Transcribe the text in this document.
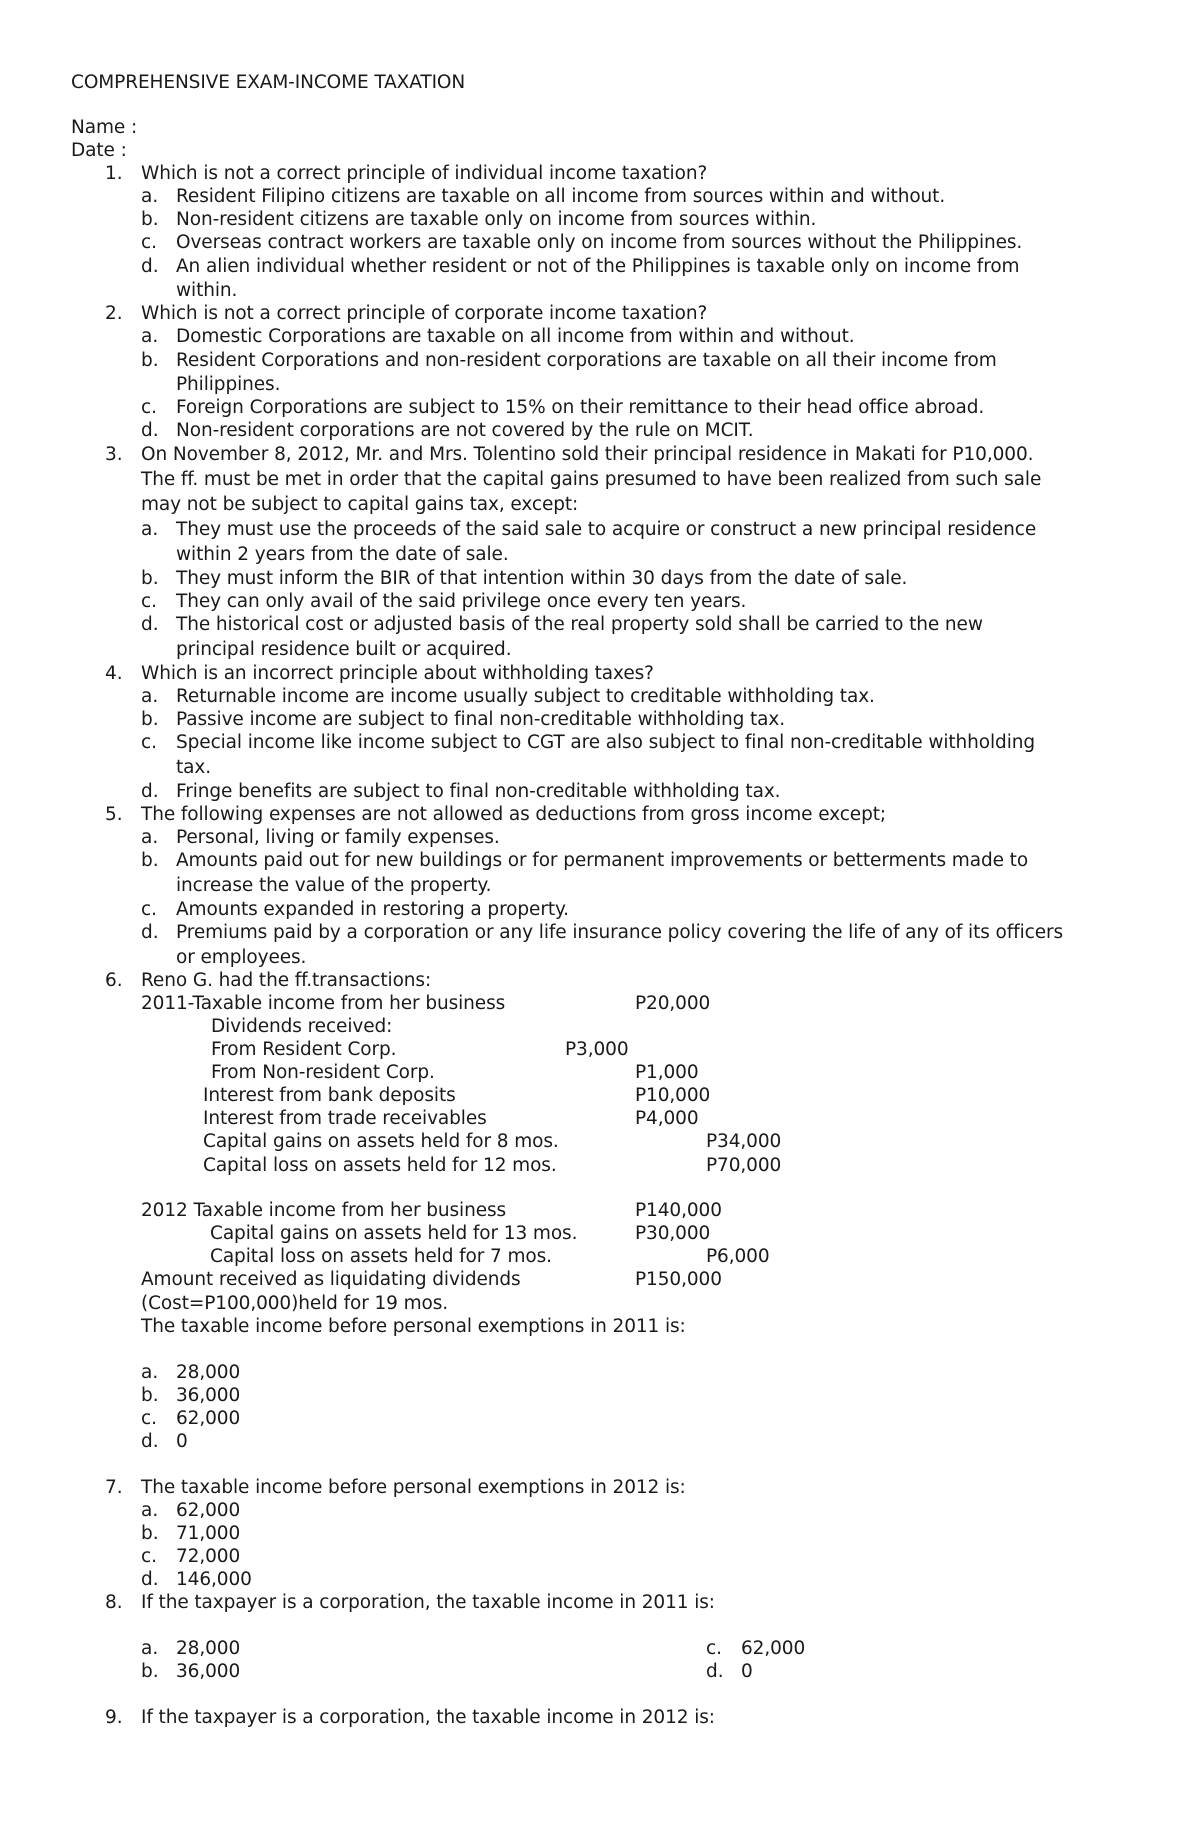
COMPREHENSIVE EXAM-INCOME TAXATION
Name :
Date :
1. Which is not a correct principle of individual income taxation?
a. Resident Filipino citizens are taxable on all income from sources within and without.
b. Non-resident citizens are taxable only on income from sources within.
c. Overseas contract workers are taxable only on income from sources without the Philippines.
d. An alien individual whether resident or not of the Philippines is taxable only on income from
within.
2. Which is not a correct principle of corporate income taxation?
a. Domestic Corporations are taxable on all income from within and without.
b. Resident Corporations and non-resident corporations are taxable on all their income from
Philippines.
c. Foreign Corporations are subject to 15% on their remittance to their head office abroad.
d. Non-resident corporations are not covered by the rule on MCIT.
3. On November 8, 2012, Mr. and Mrs. Tolentino sold their principal residence in Makati for P10,000.
The ff. must be met in order that the capital gains presumed to have been realized from such sale
may not be subject to capital gains tax, except:
a. They must use the proceeds of the said sale to acquire or construct a new principal residence
within 2 years from the date of sale.
b. They must inform the BIR of that intention within 30 days from the date of sale.
c. They can only avail of the said privilege once every ten years.
d. The historical cost or adjusted basis of the real property sold shall be carried to the new
principal residence built or acquired.
4. Which is an incorrect principle about withholding taxes?
a. Returnable income are income usually subject to creditable withholding tax.
b. Passive income are subject to final non-creditable withholding tax.
c. Special income like income subject to CGT are also subject to final non-creditable withholding
tax.
d. Fringe benefits are subject to final non-creditable withholding tax.
5. The following expenses are not allowed as deductions from gross income except;
a. Personal, living or family expenses.
b. Amounts paid out for new buildings or for permanent improvements or betterments made to
increase the value of the property.
c. Amounts expanded in restoring a property.
d. Premiums paid by a corporation or any life insurance policy covering the life of any of its officers
or employees.
6. Reno G. had the ff.transactions:
2011-Taxable income from her business	P20,000
Dividends received:
From Resident Corp.	P3,000
From Non-resident Corp.	P1,000
Interest from bank deposits	P10,000
Interest from trade receivables	P4,000
Capital gains on assets held for 8 mos.	P34,000
Capital loss on assets held for 12 mos.	P70,000
2012 Taxable income from her business	P140,000
Capital gains on assets held for 13 mos.	P30,000
Capital loss on assets held for 7 mos.	P6,000
Amount received as liquidating dividends	P150,000
(Cost=P100,000)held for 19 mos.
The taxable income before personal exemptions in 2011 is:
a. 28,000
b. 36,000
c. 62,000
d. 0
7. The taxable income before personal exemptions in 2012 is:
a. 62,000
b. 71,000
c. 72,000
d. 146,000
8. If the taxpayer is a corporation, the taxable income in 2011 is:
a. 28,000
b. 36,000
c. 62,000
d. 0
9. If the taxpayer is a corporation, the taxable income in 2012 is:
